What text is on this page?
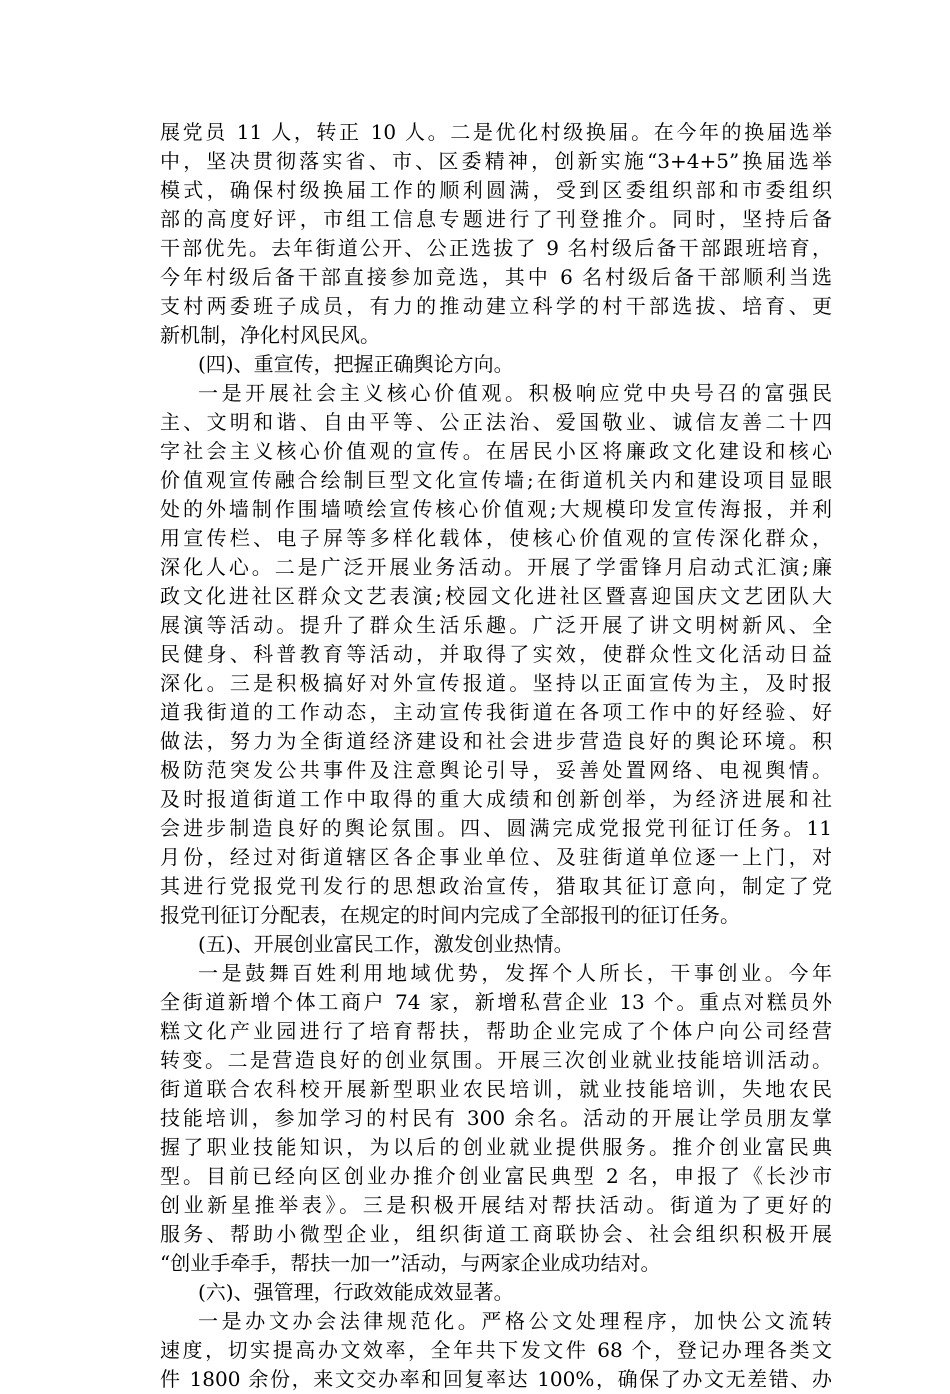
展党员 11 人，转正 10 人。二是优化村级换届。在今年的换届选举
中，坚决贯彻落实省、市、区委精神，创新实施“3+4+5”换届选举
模式，确保村级换届工作的顺利圆满，受到区委组织部和市委组织
部的高度好评，市组工信息专题进行了刊登推介。同时，坚持后备
干部优先。去年街道公开、公正选拔了 9 名村级后备干部跟班培育，
今年村级后备干部直接参加竞选，其中 6 名村级后备干部顺利当选
支村两委班子成员，有力的推动建立科学的村干部选拔、培育、更
新机制，净化村风民风。
(四)、重宣传，把握正确舆论方向。
一是开展社会主义核心价值观。积极响应党中央号召的富强民
主、文明和谐、自由平等、公正法治、爱国敬业、诚信友善二十四
字社会主义核心价值观的宣传。在居民小区将廉政文化建设和核心
价值观宣传融合绘制巨型文化宣传墙;在街道机关内和建设项目显眼
处的外墙制作围墙喷绘宣传核心价值观;大规模印发宣传海报，并利
用宣传栏、电子屏等多样化载体，使核心价值观的宣传深化群众，
深化人心。二是广泛开展业务活动。开展了学雷锋月启动式汇演;廉
政文化进社区群众文艺表演;校园文化进社区暨喜迎国庆文艺团队大
展演等活动。提升了群众生活乐趣。广泛开展了讲文明树新风、全
民健身、科普教育等活动，并取得了实效，使群众性文化活动日益
深化。三是积极搞好对外宣传报道。坚持以正面宣传为主，及时报
道我街道的工作动态，主动宣传我街道在各项工作中的好经验、好
做法，努力为全街道经济建设和社会进步营造良好的舆论环境。积
极防范突发公共事件及注意舆论引导，妥善处置网络、电视舆情。
及时报道街道工作中取得的重大成绩和创新创举，为经济进展和社
会进步制造良好的舆论氛围。四、圆满完成党报党刊征订任务。11
月份，经过对街道辖区各企事业单位、及驻街道单位逐一上门，对
其进行党报党刊发行的思想政治宣传，猎取其征订意向，制定了党
报党刊征订分配表，在规定的时间内完成了全部报刊的征订任务。
(五)、开展创业富民工作，激发创业热情。
一是鼓舞百姓利用地域优势，发挥个人所长，干事创业。今年
全街道新增个体工商户 74 家，新增私营企业 13 个。重点对糕员外
糕文化产业园进行了培育帮扶，帮助企业完成了个体户向公司经营
转变。二是营造良好的创业氛围。开展三次创业就业技能培训活动。
街道联合农科校开展新型职业农民培训，就业技能培训，失地农民
技能培训，参加学习的村民有 300 余名。活动的开展让学员朋友掌
握了职业技能知识，为以后的创业就业提供服务。推介创业富民典
型。目前已经向区创业办推介创业富民典型 2 名，申报了《长沙市
创业新星推举表》。三是积极开展结对帮扶活动。街道为了更好的
服务、帮助小微型企业，组织街道工商联协会、社会组织积极开展
“创业手牵手，帮扶一加一”活动，与两家企业成功结对。
(六)、强管理，行政效能成效显著。
一是办文办会法律规范化。严格公文处理程序，加快公文流转
速度，切实提高办文效率，全年共下发文件 68 个，登记办理各类文
件 1800 余份，来文交办率和回复率达 100%，确保了办文无差错、办
